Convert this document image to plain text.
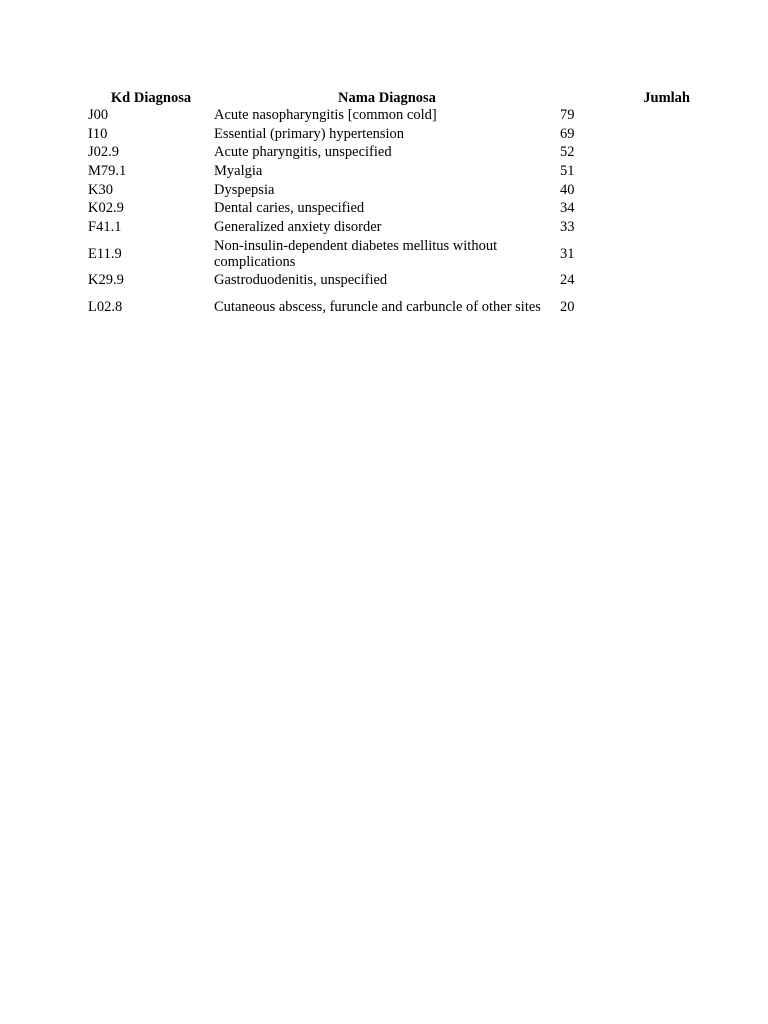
Kd Diagnosa	Nama Diagnosa	Jumlah
J00	Acute nasopharyngitis [common cold]	79
I10	Essential (primary) hypertension	69
J02.9	Acute pharyngitis, unspecified	52
M79.1	Myalgia	51
K30	Dyspepsia	40
K02.9	Dental caries, unspecified	34
F41.1	Generalized anxiety disorder	33
E11.9	Non-insulin-dependent diabetes mellitus without complications	31
K29.9	Gastroduodenitis, unspecified	24
L02.8	Cutaneous abscess, furuncle and carbuncle of other sites	20
